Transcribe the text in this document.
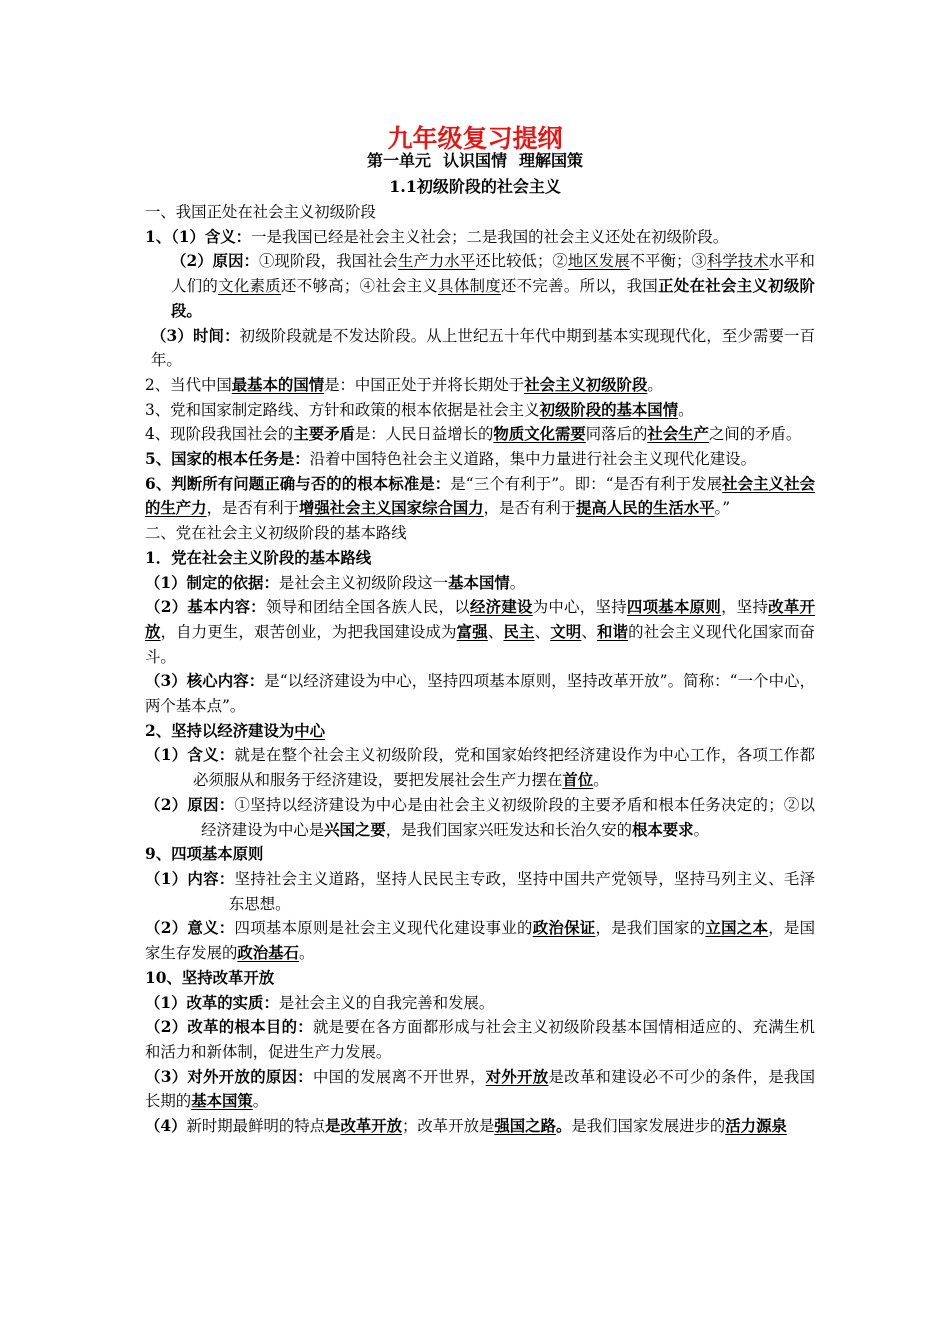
九年级复习提纲
第一单元 认识国情 理解国策
1.1初级阶段的社会主义

一、我国正处在社会主义初级阶段

1、（1）含义：一是我国已经是社会主义社会；二是我国的社会主义还处在初级阶段。

（2）原因：①现阶段，我国社会生产力水平还比较低；②地区发展不平衡；③科学技术水平和人们的文化素质还不够高；④社会主义具体制度还不完善。所以，我国正处在社会主义初级阶段。

（3）时间：初级阶段就是不发达阶段。从上世纪五十年代中期到基本实现现代化，至少需要一百年。

2、当代中国最基本的国情是：中国正处于并将长期处于社会主义初级阶段。

3、党和国家制定路线、方针和政策的根本依据是社会主义初级阶段的基本国情。

4、现阶段我国社会的主要矛盾是：人民日益增长的物质文化需要同落后的社会生产之间的矛盾。

5、国家的根本任务是：沿着中国特色社会主义道路，集中力量进行社会主义现代化建设。

6、判断所有问题正确与否的的根本标准是：是“三个有利于”。即：“是否有利于发展社会主义社会的生产力，是否有利于增强社会主义国家综合国力，是否有利于提高人民的生活水平。”

二、党在社会主义初级阶段的基本路线

1．党在社会主义阶段的基本路线

（1）制定的依据：是社会主义初级阶段这一基本国情。

（2）基本内容：领导和团结全国各族人民，以经济建设为中心，坚持四项基本原则，坚持改革开放，自力更生，艰苦创业，为把我国建设成为富强、民主、文明、和谐的社会主义现代化国家而奋斗。

（3）核心内容：是“以经济建设为中心，坚持四项基本原则，坚持改革开放”。简称：“一个中心，两个基本点”。

2、坚持以经济建设为中心

（1）含义：就是在整个社会主义初级阶段，党和国家始终把经济建设作为中心工作，各项工作都必须服从和服务于经济建设，要把发展社会生产力摆在首位。

（2）原因：①坚持以经济建设为中心是由社会主义初级阶段的主要矛盾和根本任务决定的；②以经济建设为中心是兴国之要，是我们国家兴旺发达和长治久安的根本要求。

9、四项基本原则

（1）内容：坚持社会主义道路，坚持人民民主专政，坚持中国共产党领导，坚持马列主义、毛泽东思想。

（2）意义：四项基本原则是社会主义现代化建设事业的政治保证，是我们国家的立国之本，是国家生存发展的政治基石。

10、坚持改革开放

（1）改革的实质：是社会主义的自我完善和发展。

（2）改革的根本目的：就是要在各方面都形成与社会主义初级阶段基本国情相适应的、充满生机和活力和新体制，促进生产力发展。

（3）对外开放的原因：中国的发展离不开世界，对外开放是改革和建设必不可少的条件，是我国长期的基本国策。

（4）新时期最鲜明的特点是改革开放；改革开放是强国之路。是我们国家发展进步的活力源泉
